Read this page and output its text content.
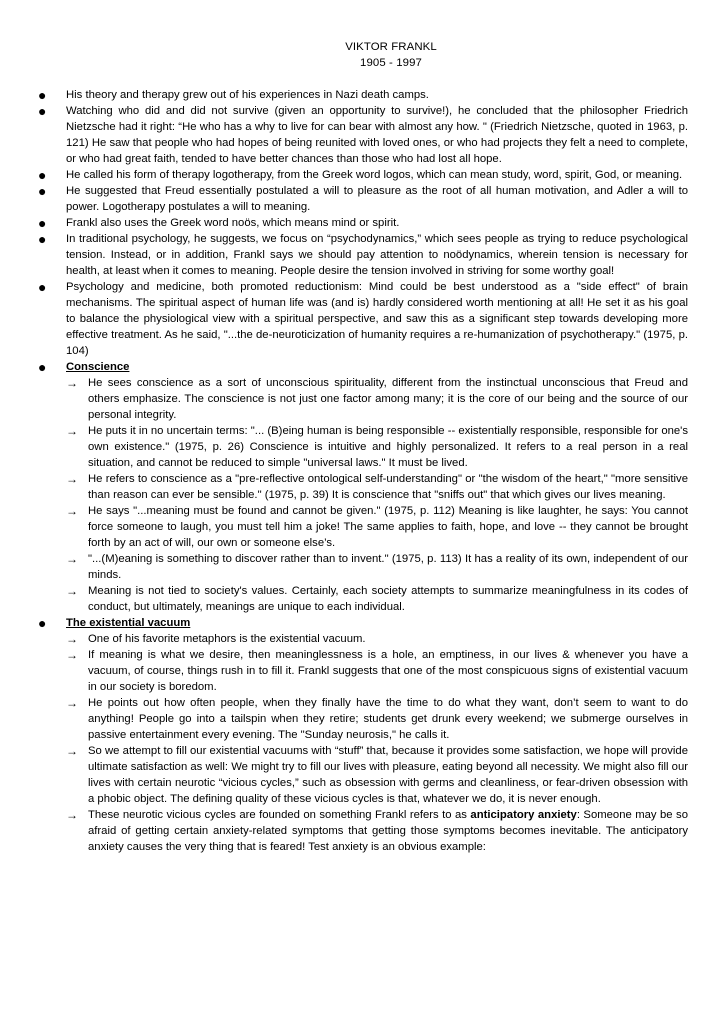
VIKTOR FRANKL
1905 - 1997
● His theory and therapy grew out of his experiences in Nazi death camps.
● Watching who did and did not survive (given an opportunity to survive!), he concluded that the philosopher Friedrich Nietzsche had it right: “He who has a why to live for can bear with almost any how. " (Friedrich Nietzsche, quoted in 1963, p. 121) He saw that people who had hopes of being reunited with loved ones, or who had projects they felt a need to complete, or who had great faith, tended to have better chances than those who had lost all hope.
● He called his form of therapy logotherapy, from the Greek word logos, which can mean study, word, spirit, God, or meaning.
● He suggested that Freud essentially postulated a will to pleasure as the root of all human motivation, and Adler a will to power. Logotherapy postulates a will to meaning.
● Frankl also uses the Greek word noös, which means mind or spirit.
● In traditional psychology, he suggests, we focus on “psychodynamics,” which sees people as trying to reduce psychological tension. Instead, or in addition, Frankl says we should pay attention to noödynamics, wherein tension is necessary for health, at least when it comes to meaning. People desire the tension involved in striving for some worthy goal!
● Psychology and medicine, both promoted reductionism: Mind could be best understood as a "side effect" of brain mechanisms. The spiritual aspect of human life was (and is) hardly considered worth mentioning at all! He set it as his goal to balance the physiological view with a spiritual perspective, and saw this as a significant step towards developing more effective treatment. As he said, "...the de-neuroticization of humanity requires a re-humanization of psychotherapy." (1975, p. 104)
● Conscience
→ He sees conscience as a sort of unconscious spirituality, different from the instinctual unconscious that Freud and others emphasize. The conscience is not just one factor among many; it is the core of our being and the source of our personal integrity.
→ He puts it in no uncertain terms: "... (B)eing human is being responsible -- existentially responsible, responsible for one's own existence." (1975, p. 26) Conscience is intuitive and highly personalized. It refers to a real person in a real situation, and cannot be reduced to simple "universal laws." It must be lived.
→ He refers to conscience as a "pre-reflective ontological self-understanding" or "the wisdom of the heart," "more sensitive than reason can ever be sensible." (1975, p. 39) It is conscience that "sniffs out" that which gives our lives meaning.
→ He says "...meaning must be found and cannot be given." (1975, p. 112) Meaning is like laughter, he says: You cannot force someone to laugh, you must tell him a joke! The same applies to faith, hope, and love -- they cannot be brought forth by an act of will, our own or someone else’s.
→ "...(M)eaning is something to discover rather than to invent." (1975, p. 113) It has a reality of its own, independent of our minds.
→ Meaning is not tied to society's values. Certainly, each society attempts to summarize meaningfulness in its codes of conduct, but ultimately, meanings are unique to each individual.
● The existential vacuum
→ One of his favorite metaphors is the existential vacuum.
→ If meaning is what we desire, then meaninglessness is a hole, an emptiness, in our lives & whenever you have a vacuum, of course, things rush in to fill it. Frankl suggests that one of the most conspicuous signs of existential vacuum in our society is boredom.
→ He points out how often people, when they finally have the time to do what they want, don’t seem to want to do anything! People go into a tailspin when they retire; students get drunk every weekend; we submerge ourselves in passive entertainment every evening. The "Sunday neurosis," he calls it.
→ So we attempt to fill our existential vacuums with “stuff” that, because it provides some satisfaction, we hope will provide ultimate satisfaction as well: We might try to fill our lives with pleasure, eating beyond all necessity. We might also fill our lives with certain neurotic “vicious cycles,” such as obsession with germs and cleanliness, or fear-driven obsession with a phobic object. The defining quality of these vicious cycles is that, whatever we do, it is never enough.
→ These neurotic vicious cycles are founded on something Frankl refers to as anticipatory anxiety: Someone may be so afraid of getting certain anxiety-related symptoms that getting those symptoms becomes inevitable. The anticipatory anxiety causes the very thing that is feared! Test anxiety is an obvious example:
